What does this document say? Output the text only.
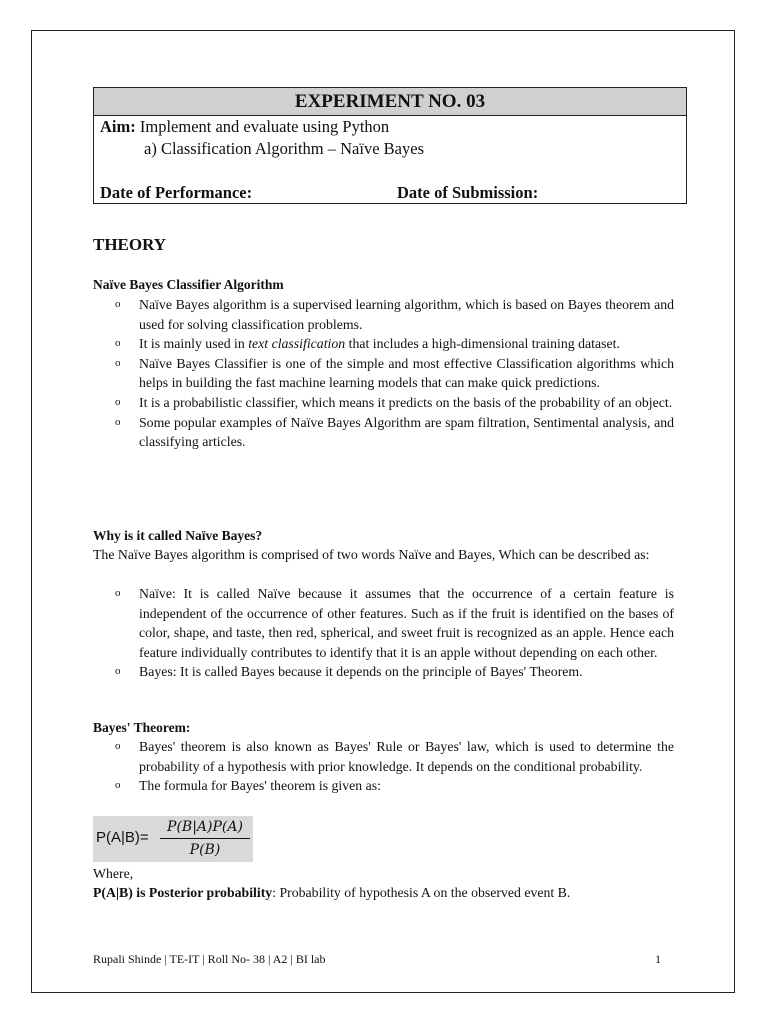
EXPERIMENT NO. 03
Aim: Implement and evaluate using Python
a) Classification Algorithm – Naïve Bayes
Date of Performance:	Date of Submission:
THEORY
Naïve Bayes Classifier Algorithm
o Naïve Bayes algorithm is a supervised learning algorithm, which is based on Bayes theorem and used for solving classification problems.
o It is mainly used in text classification that includes a high-dimensional training dataset.
o Naïve Bayes Classifier is one of the simple and most effective Classification algorithms which helps in building the fast machine learning models that can make quick predictions.
o It is a probabilistic classifier, which means it predicts on the basis of the probability of an object.
o Some popular examples of Naïve Bayes Algorithm are spam filtration, Sentimental analysis, and classifying articles.
Why is it called Naïve Bayes?
The Naïve Bayes algorithm is comprised of two words Naïve and Bayes, Which can be described as:
o Naïve: It is called Naïve because it assumes that the occurrence of a certain feature is independent of the occurrence of other features. Such as if the fruit is identified on the bases of color, shape, and taste, then red, spherical, and sweet fruit is recognized as an apple. Hence each feature individually contributes to identify that it is an apple without depending on each other.
o Bayes: It is called Bayes because it depends on the principle of Bayes' Theorem.
Bayes' Theorem:
o Bayes' theorem is also known as Bayes' Rule or Bayes' law, which is used to determine the probability of a hypothesis with prior knowledge. It depends on the conditional probability.
o The formula for Bayes' theorem is given as:
$P(A|B)= \frac{P(B|A)P(A)}{P(B)}$
Where,
P(A|B) is Posterior probability: Probability of hypothesis A on the observed event B.
Rupali Shinde | TE-IT | Roll No- 38 | A2 | BI lab	1
